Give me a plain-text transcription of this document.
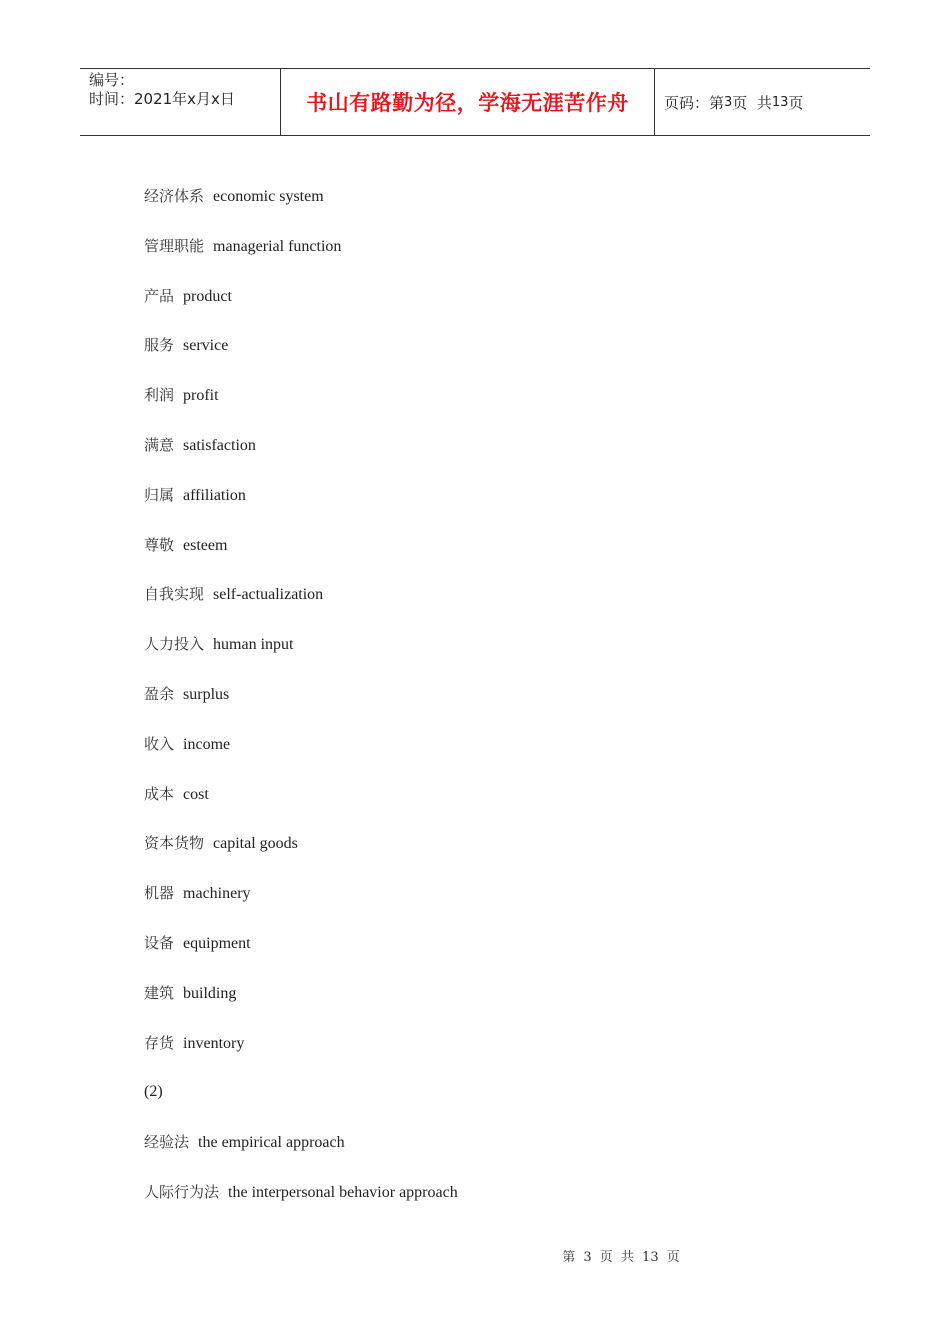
编号：
时间：2021年x月x日	书山有路勤为径，学海无涯苦作舟	页码：第 3 页  共 13 页
经济体系 economic system
管理职能 managerial function
产品 product
服务 service
利润 profit
满意 satisfaction
归属 affiliation
尊敬 esteem
自我实现 self-actualization
人力投入 human input
盈余 surplus
收入 income
成本 cost
资本货物 capital goods
机器 machinery
设备 equipment
建筑 building
存货 inventory
(2)
经验法 the empirical approach
人际行为法 the interpersonal behavior approach
第 3 页 共 13 页
